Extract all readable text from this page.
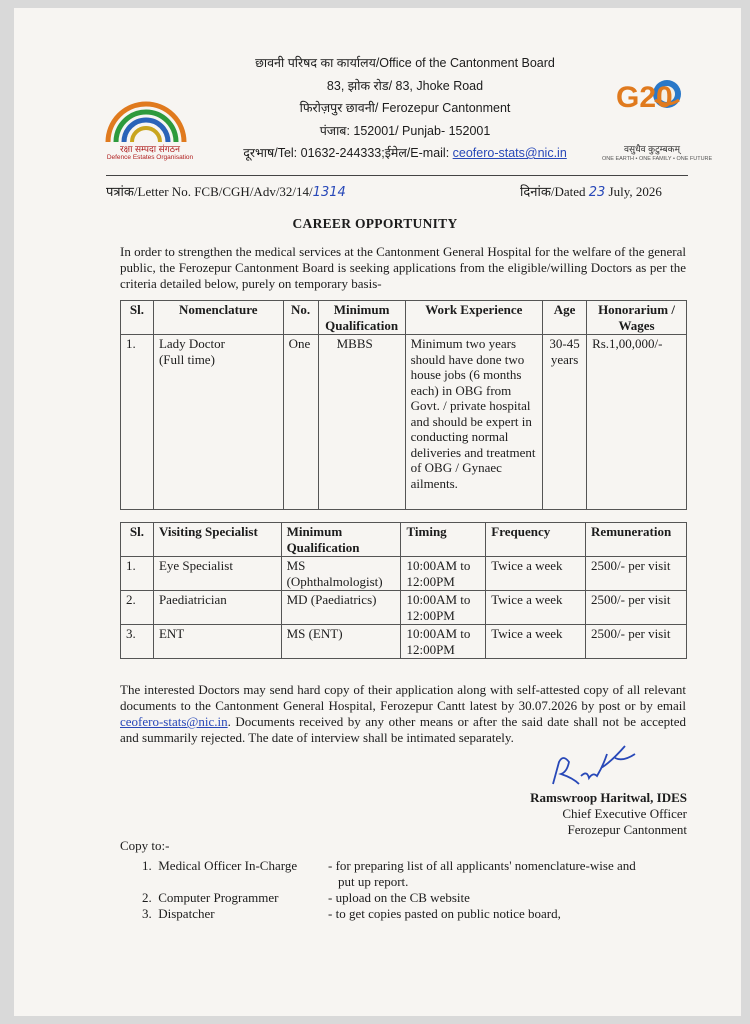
रक्षा सम्पदा संगठन
Defence Estates Organisation
G20
वसुधैव कुटुम्बकम्
ONE EARTH • ONE FAMILY • ONE FUTURE
छावनी परिषद का कार्यालय/Office of the Cantonment Board
83, झोक रोड/ 83, Jhoke Road
फिरोज़पुर छावनी/ Ferozepur Cantonment
पंजाब: 152001/ Punjab- 152001
दूरभाष/Tel: 01632-244333;ईमेल/E-mail: ceofero-stats@nic.in
पत्रांक/Letter No. FCB/CGH/Adv/32/14/1314	दिनांक/Dated 23 July, 2026
CAREER OPPORTUNITY
In order to strengthen the medical services at the Cantonment General Hospital for the welfare of the general public, the Ferozepur Cantonment Board is seeking applications from the eligible/willing Doctors as per the criteria detailed below, purely on temporary basis-
Sl.	Nomenclature	No.	Minimum Qualification	Work Experience	Age	Honorarium / Wages
1.	Lady Doctor (Full time)	One	MBBS	Minimum two years should have done two house jobs (6 months each) in OBG from Govt. / private hospital and should be expert in conducting normal deliveries and treatment of OBG / Gynaec ailments.	30-45 years	Rs.1,00,000/-
Sl.	Visiting Specialist	Minimum Qualification	Timing	Frequency	Remuneration
1.	Eye Specialist	MS (Ophthalmologist)	10:00AM to 12:00PM	Twice a week	2500/- per visit
2.	Paediatrician	MD (Paediatrics)	10:00AM to 12:00PM	Twice a week	2500/- per visit
3.	ENT	MS (ENT)	10:00AM to 12:00PM	Twice a week	2500/- per visit
The interested Doctors may send hard copy of their application along with self-attested copy of all relevant documents to the Cantonment General Hospital, Ferozepur Cantt latest by 30.07.2026 by post or by email ceofero-stats@nic.in. Documents received by any other means or after the said date shall not be accepted and summarily rejected. The date of interview shall be intimated separately.
Ramswroop Haritwal, IDES
Chief Executive Officer
Ferozepur Cantonment
Copy to:-
1. Medical Officer In-Charge - for preparing list of all applicants' nomenclature-wise and
put up report.
2. Computer Programmer	- upload on the CB website
3. Dispatcher	- to get copies pasted on public notice board,
